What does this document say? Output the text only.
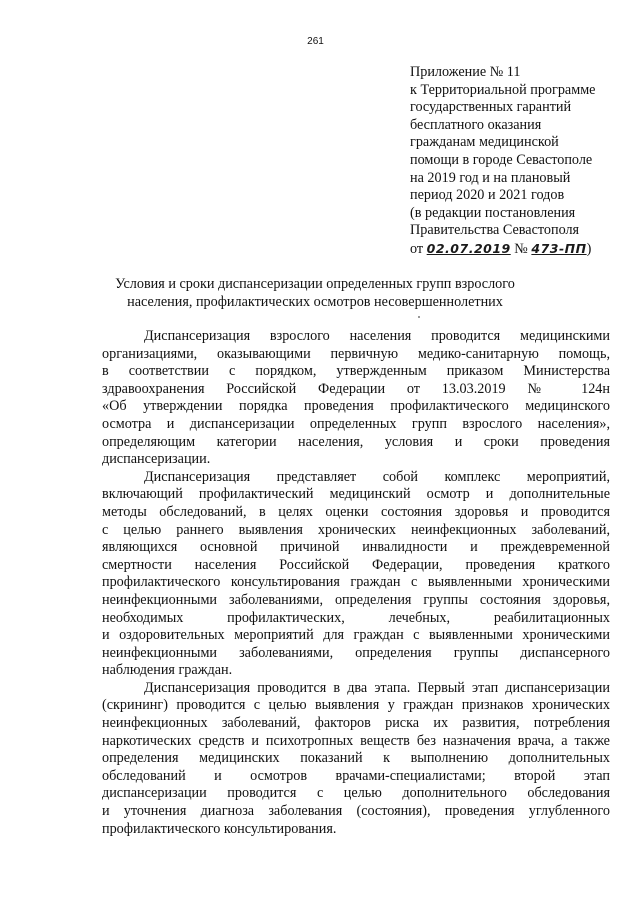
261
Приложение № 11
к Территориальной программе
государственных гарантий
бесплатного оказания
гражданам медицинской
помощи в городе Севастополе
на 2019 год и на плановый
период 2020 и 2021 годов
(в редакции постановления
Правительства Севастополя
от 02.07.2019 № 473-ПП)
Условия и сроки диспансеризации определенных групп взрослого
населения, профилактических осмотров несовершеннолетних
Диспансеризация взрослого населения проводится медицинскими
организациями, оказывающими первичную медико-санитарную помощь,
в соответствии с порядком, утвержденным приказом Министерства
здравоохранения Российской Федерации от 13.03.2019 № 124н
«Об утверждении порядка проведения профилактического медицинского
осмотра и диспансеризации определенных групп взрослого населения»,
определяющим категории населения, условия и сроки проведения
диспансеризации.
Диспансеризация представляет собой комплекс мероприятий,
включающий профилактический медицинский осмотр и дополнительные
методы обследований, в целях оценки состояния здоровья и проводится
с целью раннего выявления хронических неинфекционных заболеваний,
являющихся основной причиной инвалидности и преждевременной
смертности населения Российской Федерации, проведения краткого
профилактического консультирования граждан с выявленными хроническими
неинфекционными заболеваниями, определения группы состояния здоровья,
необходимых профилактических, лечебных, реабилитационных
и оздоровительных мероприятий для граждан с выявленными хроническими
неинфекционными заболеваниями, определения группы диспансерного
наблюдения граждан.
Диспансеризация проводится в два этапа. Первый этап диспансеризации
(скрининг) проводится с целью выявления у граждан признаков хронических
неинфекционных заболеваний, факторов риска их развития, потребления
наркотических средств и психотропных веществ без назначения врача, а также
определения медицинских показаний к выполнению дополнительных
обследований и осмотров врачами-специалистами; второй этап
диспансеризации проводится с целью дополнительного обследования
и уточнения диагноза заболевания (состояния), проведения углубленного
профилактического консультирования.
